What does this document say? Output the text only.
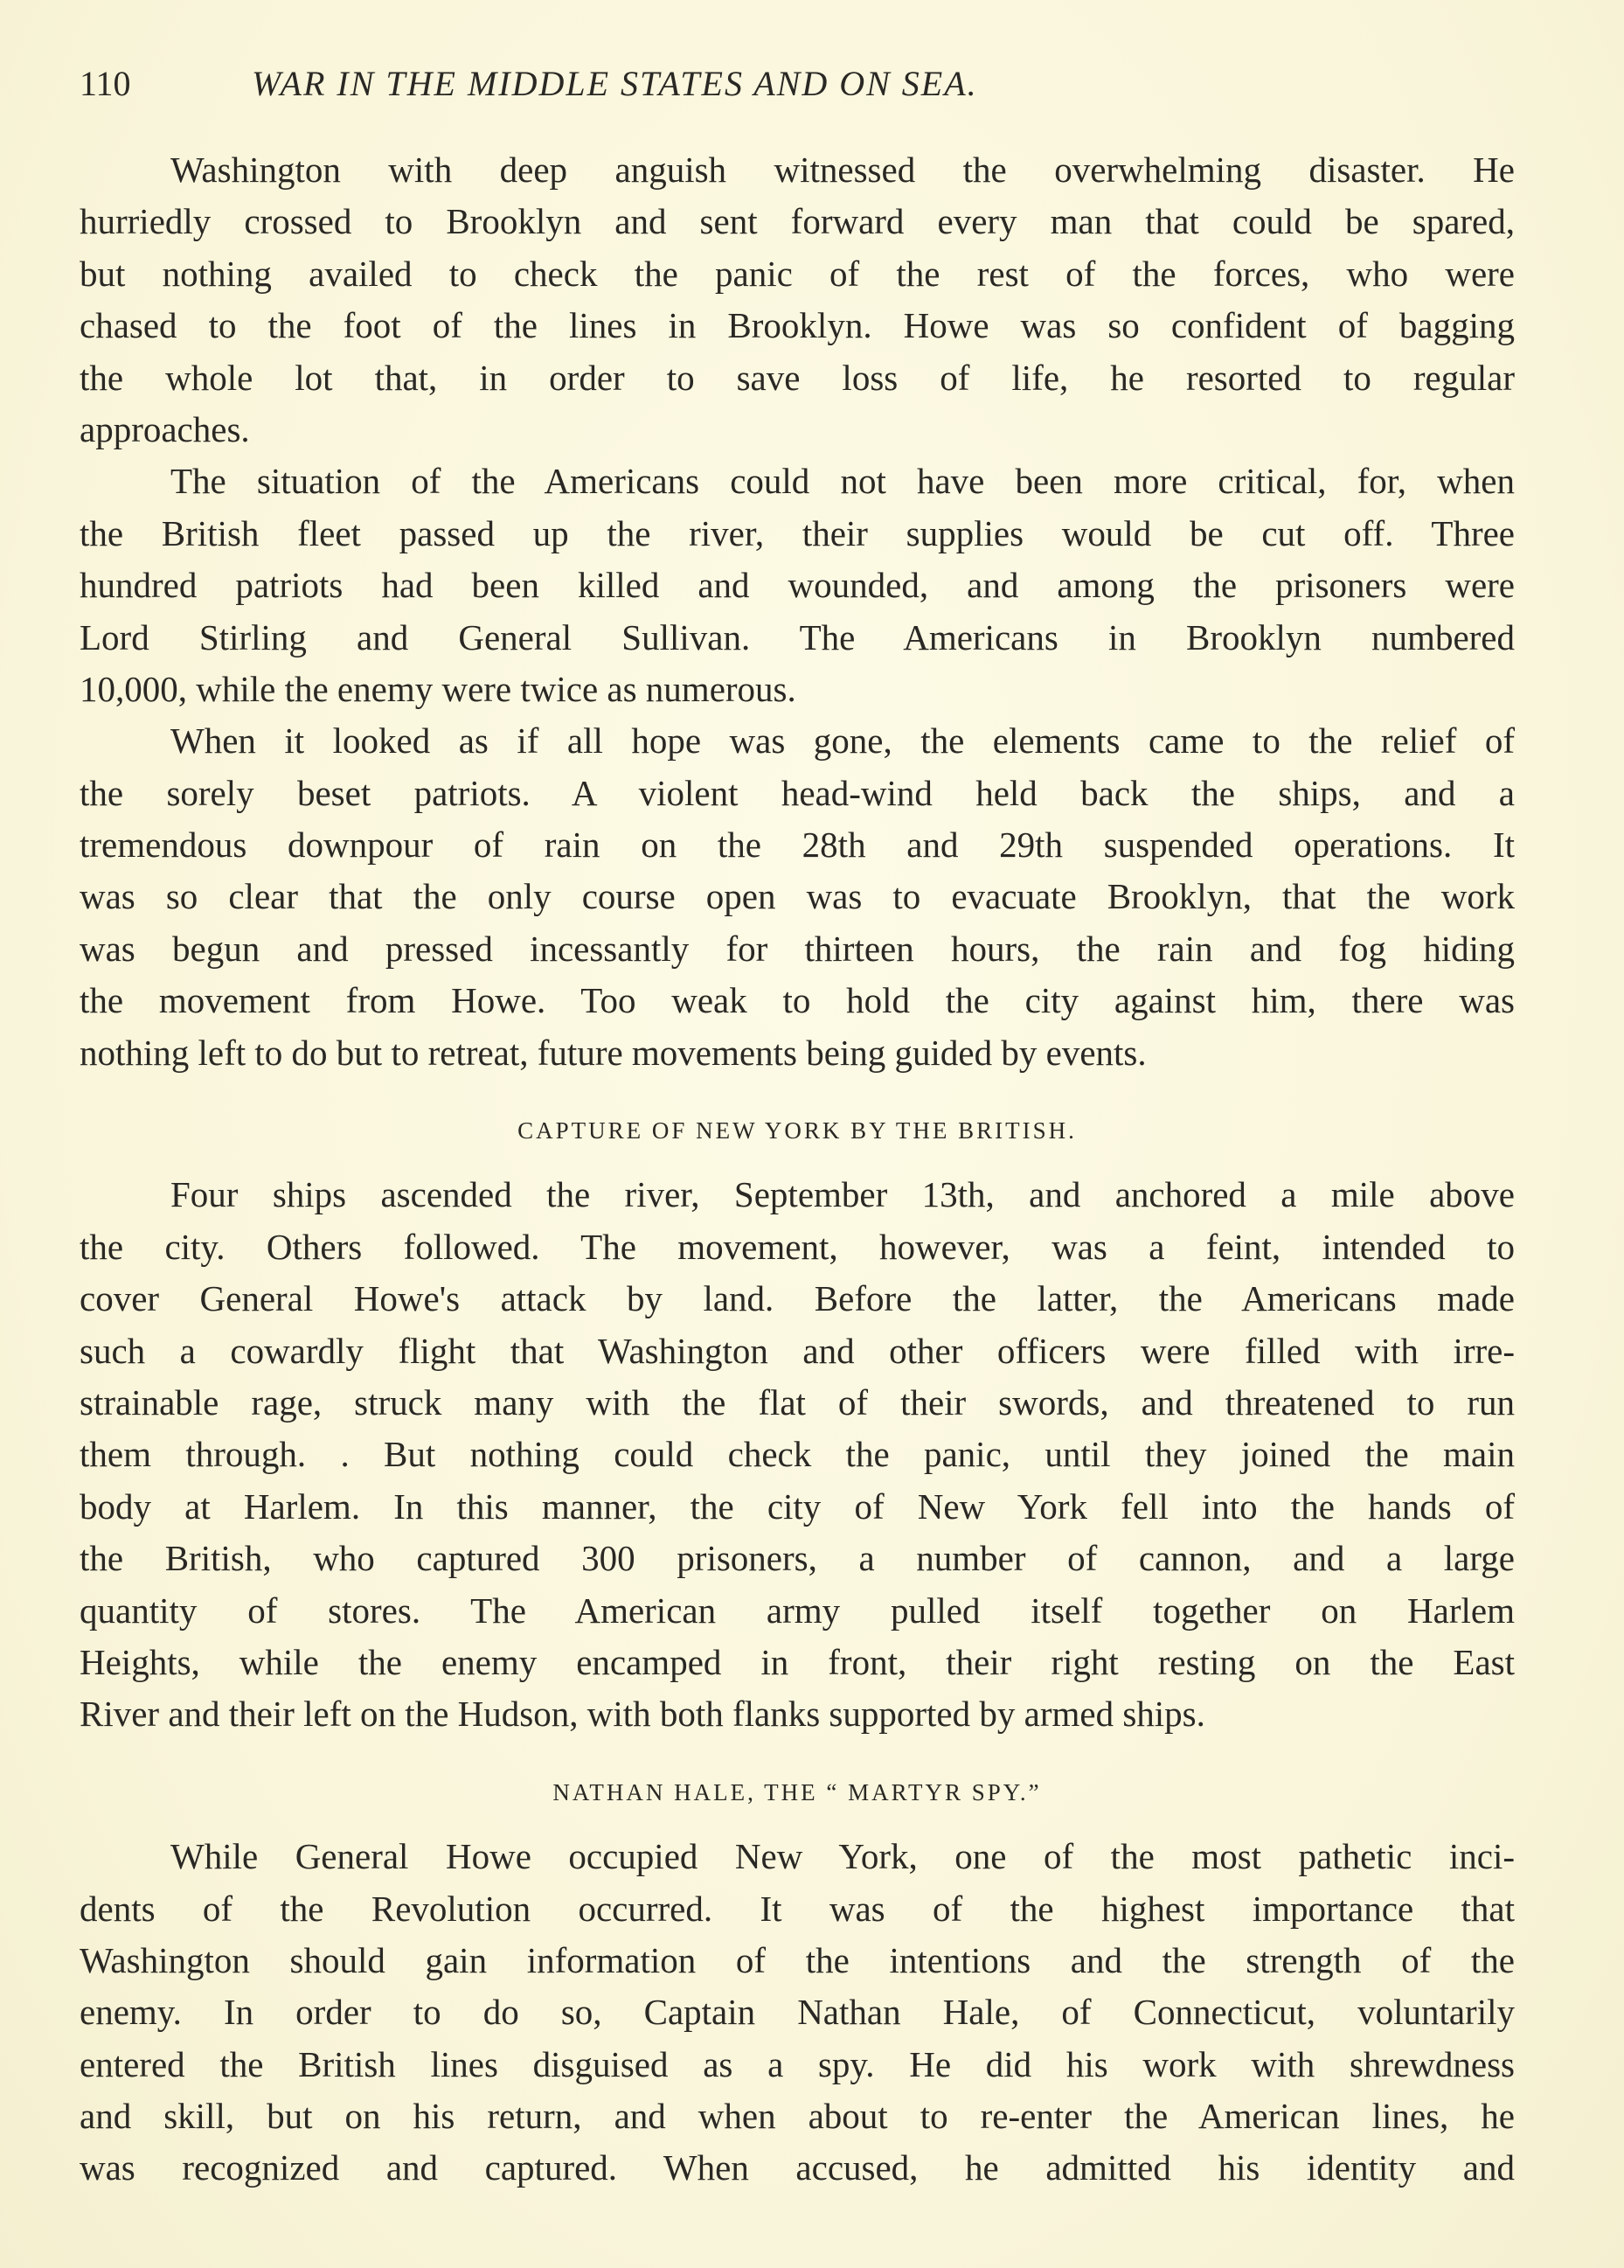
110	WAR IN THE MIDDLE STATES AND ON SEA.
Washington with deep anguish witnessed the overwhelming disaster. He
hurriedly crossed to Brooklyn and sent forward every man that could be spared,
but nothing availed to check the panic of the rest of the forces, who were
chased to the foot of the lines in Brooklyn. Howe was so confident of bagging
the whole lot that, in order to save loss of life, he resorted to regular
approaches.
The situation of the Americans could not have been more critical, for, when
the British fleet passed up the river, their supplies would be cut off. Three
hundred patriots had been killed and wounded, and among the prisoners were
Lord Stirling and General Sullivan. The Americans in Brooklyn numbered
10,000, while the enemy were twice as numerous.
When it looked as if all hope was gone, the elements came to the relief of
the sorely beset patriots. A violent head-wind held back the ships, and a
tremendous downpour of rain on the 28th and 29th suspended operations. It
was so clear that the only course open was to evacuate Brooklyn, that the work
was begun and pressed incessantly for thirteen hours, the rain and fog hiding
the movement from Howe. Too weak to hold the city against him, there was
nothing left to do but to retreat, future movements being guided by events.
CAPTURE OF NEW YORK BY THE BRITISH.
Four ships ascended the river, September 13th, and anchored a mile above
the city. Others followed. The movement, however, was a feint, intended to
cover General Howe's attack by land. Before the latter, the Americans made
such a cowardly flight that Washington and other officers were filled with irre-
strainable rage, struck many with the flat of their swords, and threatened to run
them through. . But nothing could check the panic, until they joined the main
body at Harlem. In this manner, the city of New York fell into the hands of
the British, who captured 300 prisoners, a number of cannon, and a large
quantity of stores. The American army pulled itself together on Harlem
Heights, while the enemy encamped in front, their right resting on the East
River and their left on the Hudson, with both flanks supported by armed ships.
NATHAN HALE, THE “ MARTYR SPY.”
While General Howe occupied New York, one of the most pathetic inci-
dents of the Revolution occurred. It was of the highest importance that
Washington should gain information of the intentions and the strength of the
enemy. In order to do so, Captain Nathan Hale, of Connecticut, voluntarily
entered the British lines disguised as a spy. He did his work with shrewdness
and skill, but on his return, and when about to re-enter the American lines, he
was recognized and captured. When accused, he admitted his identity and
